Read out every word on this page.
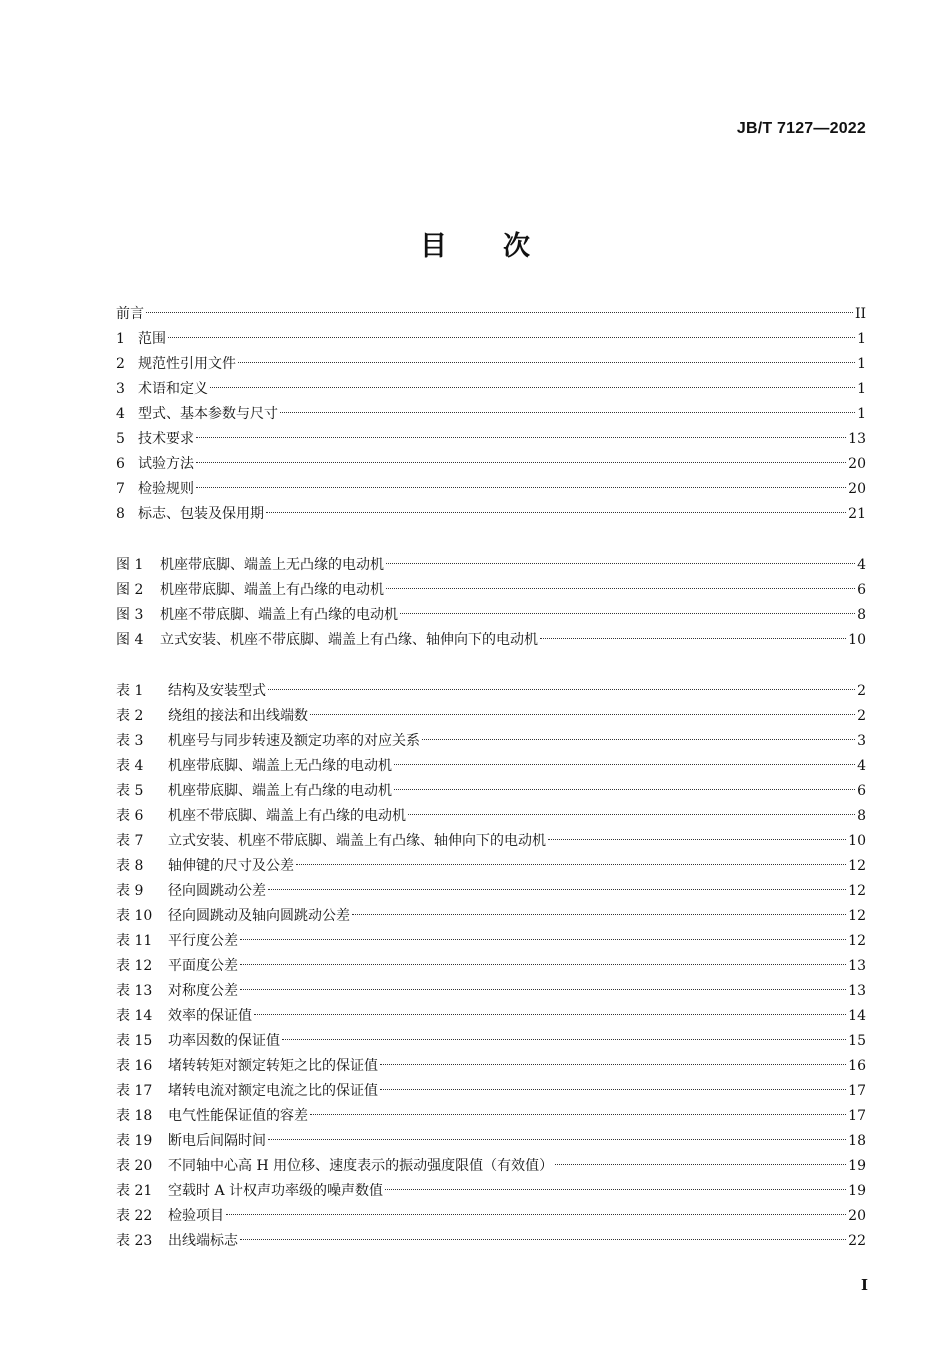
JB/T 7127—2022
目次
前言	II
1 范围	1
2 规范性引用文件	1
3 术语和定义	1
4 型式、基本参数与尺寸	1
5 技术要求	13
6 试验方法	20
7 检验规则	20
8 标志、包装及保用期	21
图 1 机座带底脚、端盖上无凸缘的电动机	4
图 2 机座带底脚、端盖上有凸缘的电动机	6
图 3 机座不带底脚、端盖上有凸缘的电动机	8
图 4 立式安装、机座不带底脚、端盖上有凸缘、轴伸向下的电动机	10
表 1 结构及安装型式	2
表 2 绕组的接法和出线端数	2
表 3 机座号与同步转速及额定功率的对应关系	3
表 4 机座带底脚、端盖上无凸缘的电动机	4
表 5 机座带底脚、端盖上有凸缘的电动机	6
表 6 机座不带底脚、端盖上有凸缘的电动机	8
表 7 立式安装、机座不带底脚、端盖上有凸缘、轴伸向下的电动机	10
表 8 轴伸键的尺寸及公差	12
表 9 径向圆跳动公差	12
表 10 径向圆跳动及轴向圆跳动公差	12
表 11 平行度公差	12
表 12 平面度公差	13
表 13 对称度公差	13
表 14 效率的保证值	14
表 15 功率因数的保证值	15
表 16 堵转转矩对额定转矩之比的保证值	16
表 17 堵转电流对额定电流之比的保证值	17
表 18 电气性能保证值的容差	17
表 19 断电后间隔时间	18
表 20 不同轴中心高 H 用位移、速度表示的振动强度限值（有效值）	19
表 21 空载时 A 计权声功率级的噪声数值	19
表 22 检验项目	20
表 23 出线端标志	22
I
